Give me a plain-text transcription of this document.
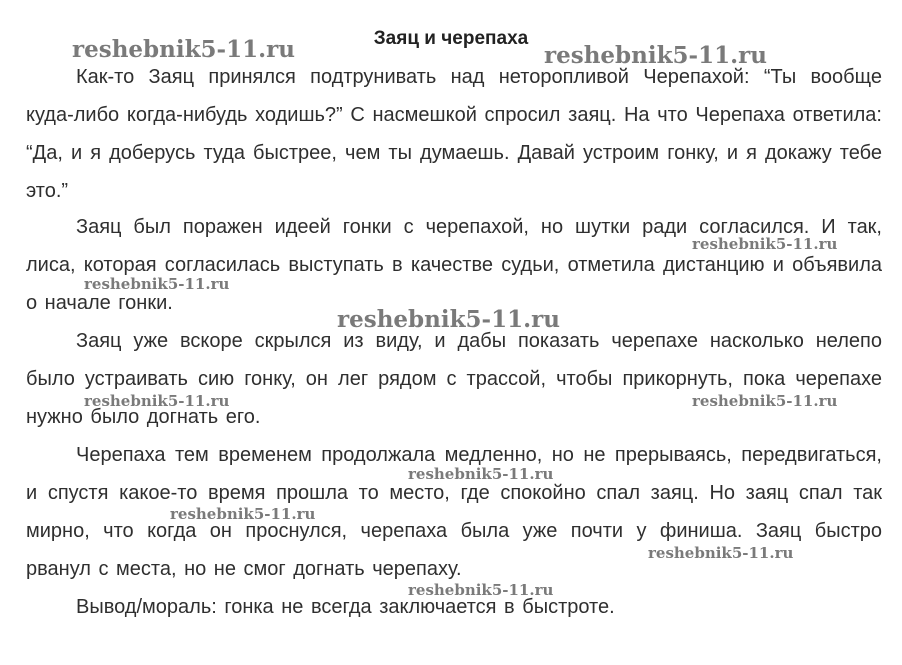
Заяц и черепаха

Как-то Заяц принялся подтрунивать над неторопливой Черепахой: “Ты вообще куда-либо когда-нибудь ходишь?” С насмешкой спросил заяц. На что Черепаха ответила: “Да, и я доберусь туда быстрее, чем ты думаешь. Давай устроим гонку, и я докажу тебе это.”

Заяц был поражен идеей гонки с черепахой, но шутки ради согласился. И так, лиса, которая согласилась выступать в качестве судьи, отметила дистанцию и объявила о начале гонки.

Заяц уже вскоре скрылся из виду, и дабы показать черепахе насколько нелепо было устраивать сию гонку, он лег рядом с трассой, чтобы прикорнуть, пока черепахе нужно было догнать его.

Черепаха тем временем продолжала медленно, но не прерываясь, передвигаться, и спустя какое-то время прошла то место, где спокойно спал заяц. Но заяц спал так мирно, что когда он проснулся, черепаха была уже почти у финиша. Заяц быстро рванул с места, но не смог догнать черепаху.

Вывод/мораль: гонка не всегда заключается в быстроте.

reshebnik5-11.ru	reshebnik5-11.ru
reshebnik5-11.ru
reshebnik5-11.ru
reshebnik5-11.ru
reshebnik5-11.ru	reshebnik5-11.ru
reshebnik5-11.ru
reshebnik5-11.ru
reshebnik5-11.ru
reshebnik5-11.ru
